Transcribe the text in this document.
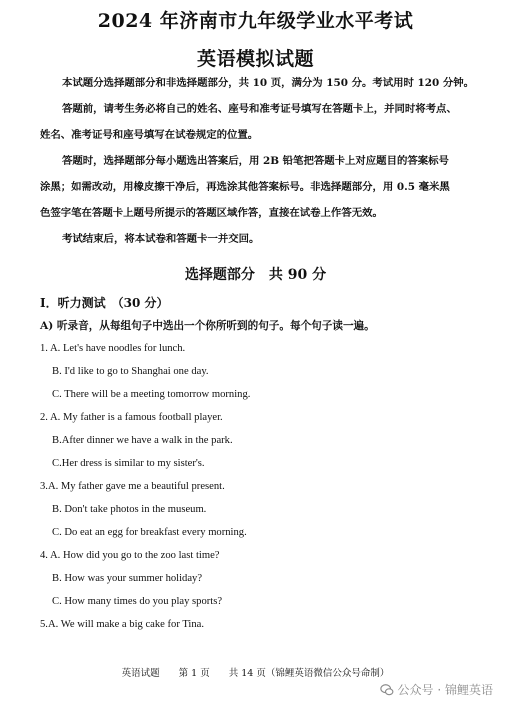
2024 年济南市九年级学业水平考试
英语模拟试题

本试题分选择题部分和非选择题部分，共 10 页，满分为 150 分。考试用时 120 分钟。

答题前，请考生务必将自己的姓名、座号和准考证号填写在答题卡上，并同时将考点、

姓名、准考证号和座号填写在试卷规定的位置。

答题时，选择题部分每小题选出答案后，用 2B 铅笔把答题卡上对应题目的答案标号

涂黑；如需改动，用橡皮擦干净后，再选涂其他答案标号。非选择题部分，用 0.5 毫米黑

色签字笔在答题卡上题号所提示的答题区域作答，直接在试卷上作答无效。

考试结束后，将本试卷和答题卡一并交回。

选择题部分　共 90 分
I．听力测试　（30 分）
A) 听录音，从每组句子中选出一个你所听到的句子。每个句子读一遍。
1. A. Let's have noodles for lunch.
B. I'd like to go to Shanghai one day.
C. There will be a meeting tomorrow morning.
2. A. My father is a famous football player.
B.After dinner we have a walk in the park.
C.Her dress is similar to my sister's.
3.A. My father gave me a beautiful present.
B. Don't take photos in the museum.
C. Do eat an egg for breakfast every morning.
4. A. How did you go to the zoo last time?
B. How was your summer holiday?
C. How many times do you play sports?
5.A. We will make a big cake for Tina.
英语试题　　第 1 页　　共 14 页（锦鲤英语微信公众号命制）
公众号 · 锦鲤英语
